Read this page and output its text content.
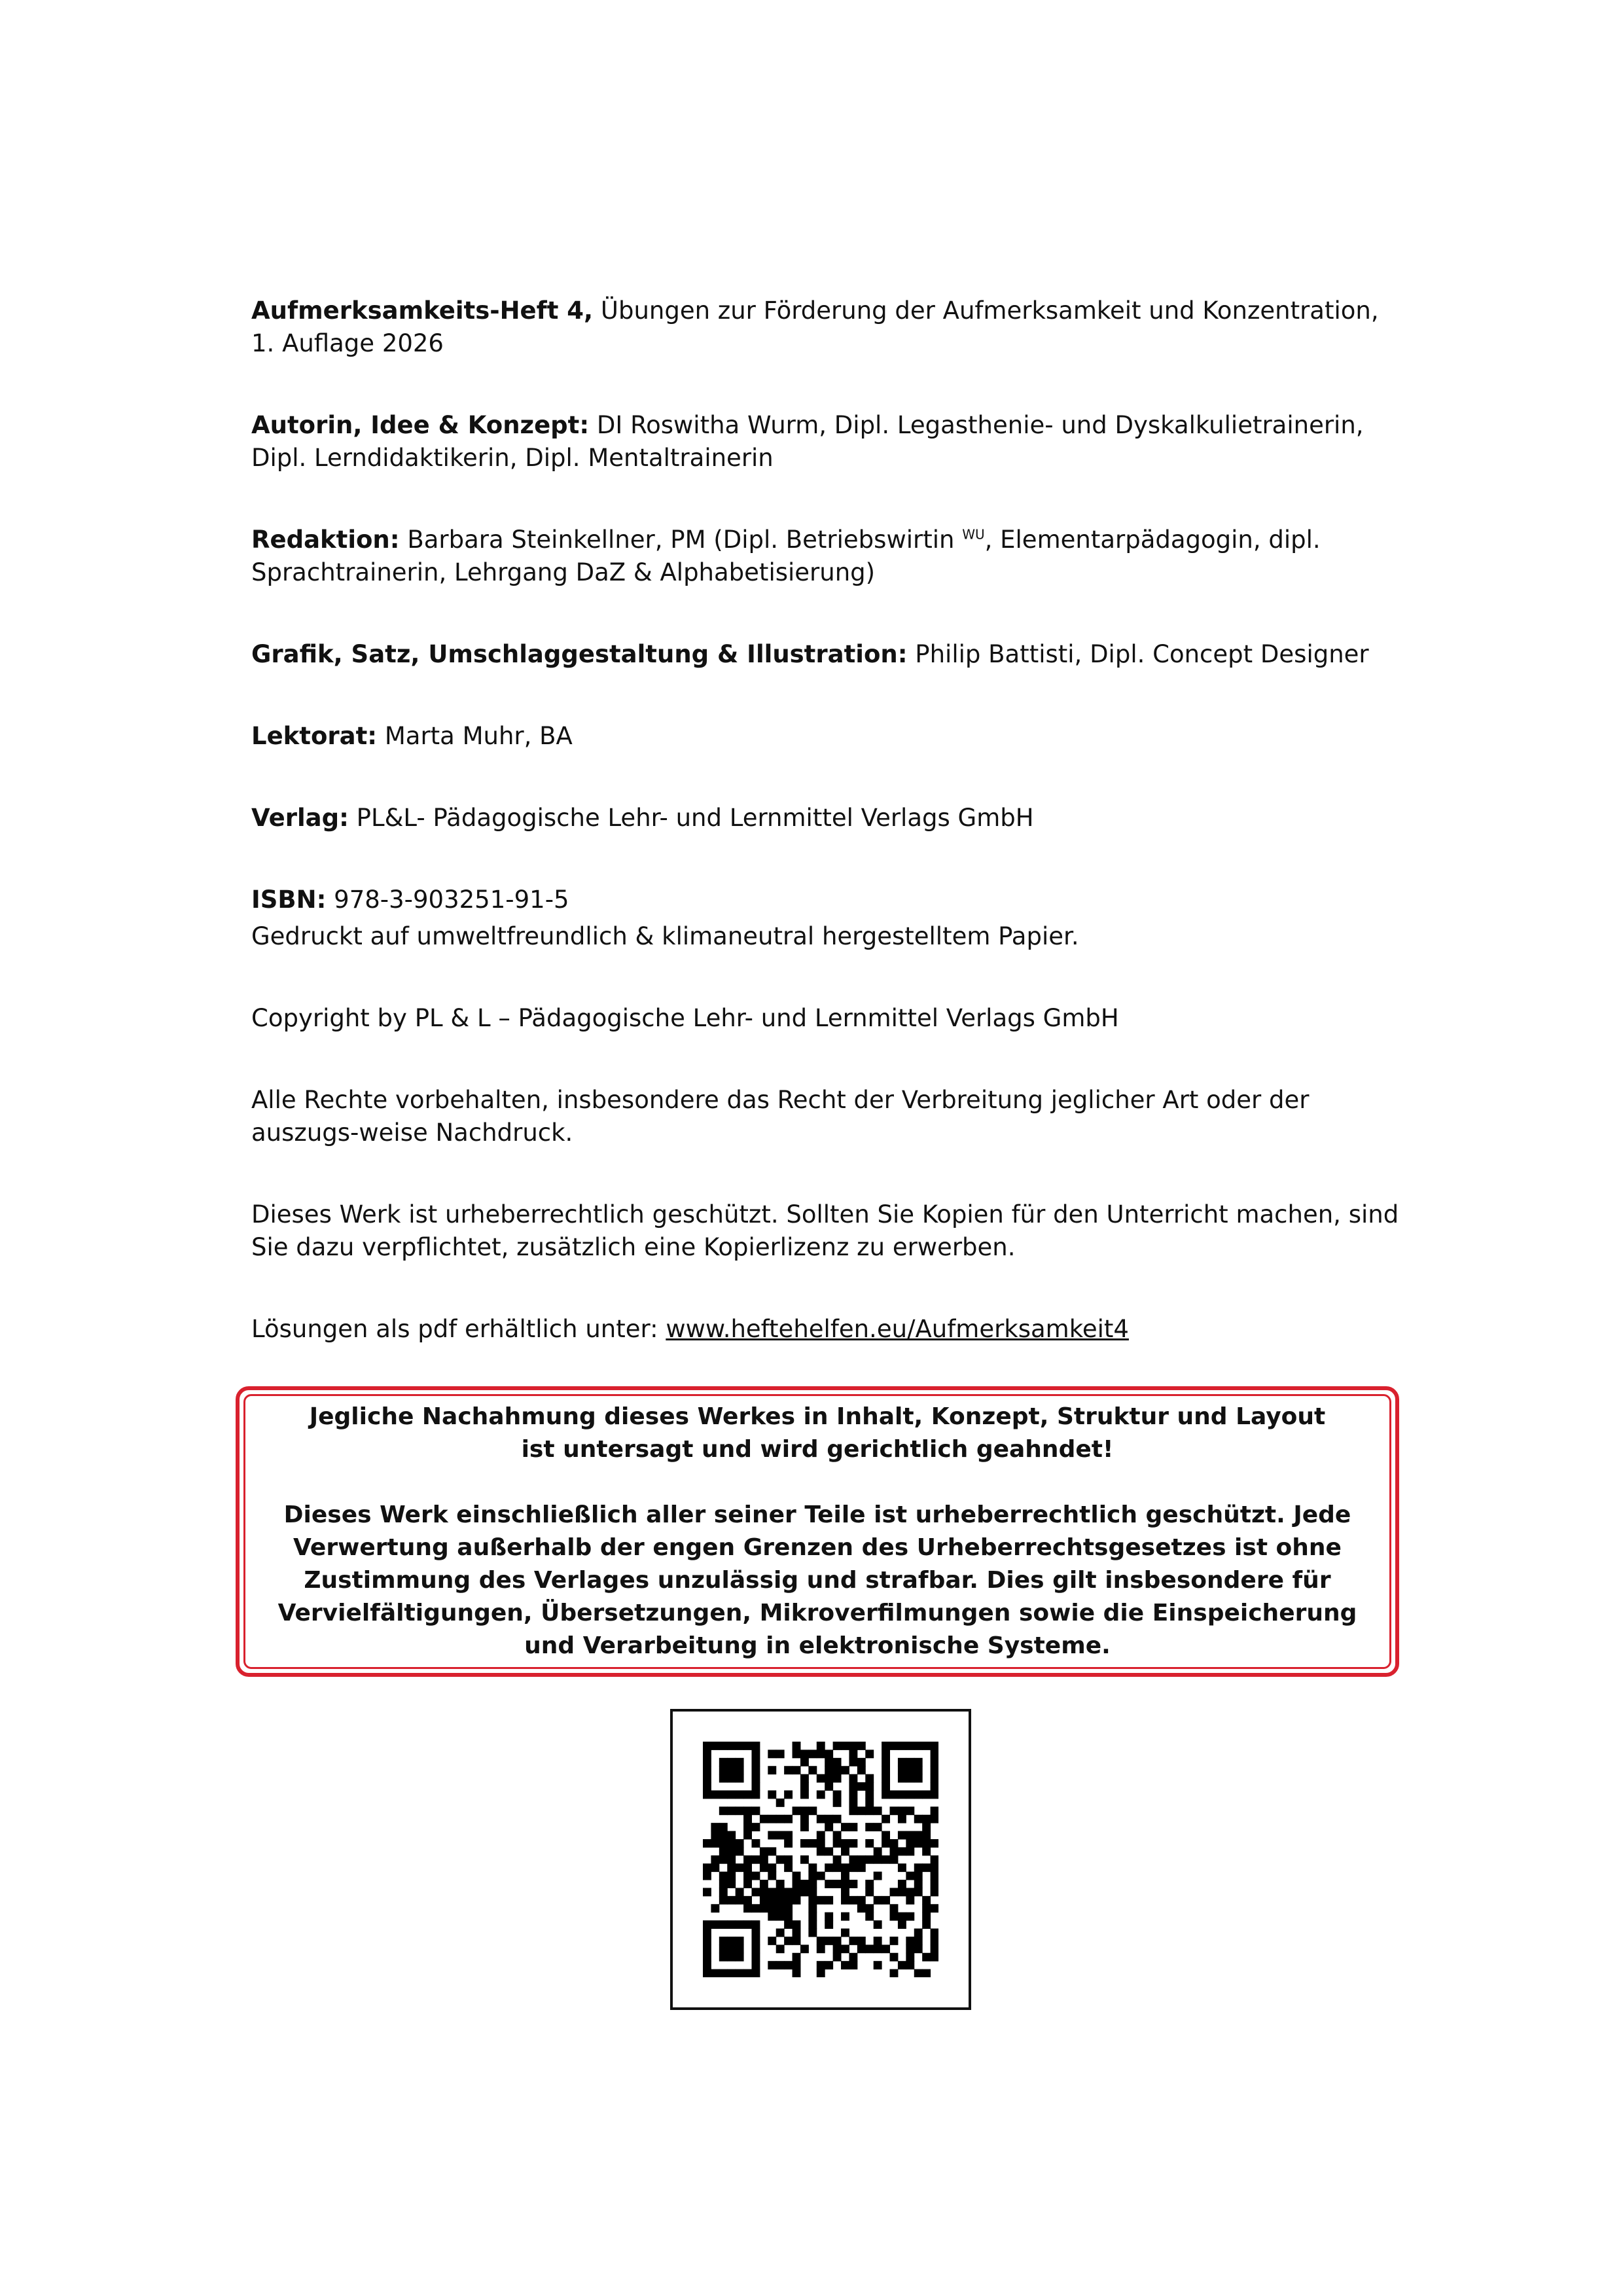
Aufmerksamkeits-Heft 4, Übungen zur Förderung der Aufmerksamkeit und Konzentration,
1. Auflage 2026

Autorin, Idee & Konzept: DI Roswitha Wurm, Dipl. Legasthenie- und Dyskalkulietrainerin, Dipl. Lerndidaktikerin, Dipl. Mentaltrainerin

Redaktion: Barbara Steinkellner, PM (Dipl. Betriebswirtin $^{WU}$, Elementarpädagogin, dipl. Sprachtrainerin, Lehrgang DaZ & Alphabetisierung)

Grafik, Satz, Umschlaggestaltung & Illustration: Philip Battisti, Dipl. Concept Designer

Lektorat: Marta Muhr, BA

Verlag: PL&L- Pädagogische Lehr- und Lernmittel Verlags GmbH

ISBN: 978-3-903251-91-5

Gedruckt auf umweltfreundlich & klimaneutral hergestelltem Papier.

Copyright by PL & L – Pädagogische Lehr- und Lernmittel Verlags GmbH

Alle Rechte vorbehalten, insbesondere das Recht der Verbreitung jeglicher Art oder der auszugs-weise Nachdruck.

Dieses Werk ist urheberrechtlich geschützt. Sollten Sie Kopien für den Unterricht machen, sind Sie dazu verpflichtet, zusätzlich eine Kopierlizenz zu erwerben.

Lösungen als pdf erhältlich unter: www.heftehelfen.eu/Aufmerksamkeit4

Jegliche Nachahmung dieses Werkes in Inhalt, Konzept, Struktur und Layout
ist untersagt und wird gerichtlich geahndet!

Dieses Werk einschließlich aller seiner Teile ist urheberrechtlich geschützt. Jede Verwertung außerhalb der engen Grenzen des Urheberrechtsgesetzes ist ohne Zustimmung des Verlages unzulässig und strafbar. Dies gilt insbesondere für Vervielfältigungen, Übersetzungen, Mikroverfilmungen sowie die Einspeicherung und Verarbeitung in elektronische Systeme.
